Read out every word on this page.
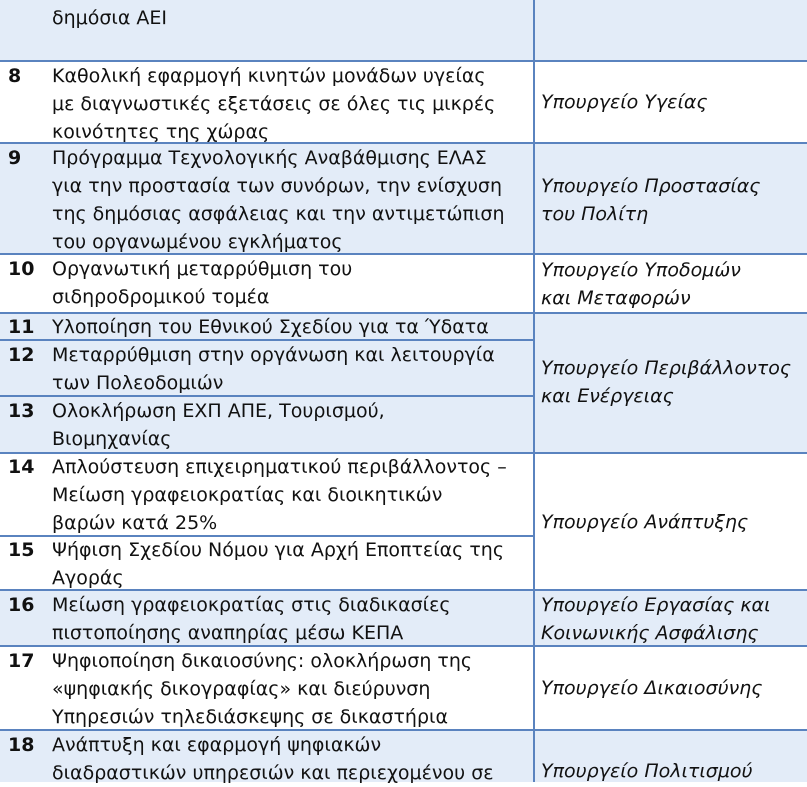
δημόσια ΑΕΙ
8	Καθολική εφαρμογή κινητών μονάδων υγείας
με διαγνωστικές εξετάσεις σε όλες τις μικρές
κοινότητες της χώρας
9	Πρόγραμμα Τεχνολογικής Αναβάθμισης ΕΛΑΣ
για την προστασία των συνόρων, την ενίσχυση
της δημόσιας ασφάλειας και την αντιμετώπιση
του οργανωμένου εγκλήματος
10 Οργανωτική μεταρρύθμιση του
σιδηροδρομικού τομέα
11 Υλοποίηση του Εθνικού Σχεδίου για τα Ύδατα
12 Μεταρρύθμιση στην οργάνωση και λειτουργία
των Πολεοδομιών
13 Ολοκλήρωση ΕΧΠ ΑΠΕ, Τουρισμού,
Βιομηχανίας
14 Απλούστευση επιχειρηματικού περιβάλλοντος –
Μείωση γραφειοκρατίας και διοικητικών
βαρών κατά 25%
15 Ψήφιση Σχεδίου Νόμου για Αρχή Εποπτείας της
Αγοράς
16 Μείωση γραφειοκρατίας στις διαδικασίες
πιστοποίησης αναπηρίας μέσω ΚΕΠΑ
17 Ψηφιοποίηση δικαιοσύνης: ολοκλήρωση της
«ψηφιακής δικογραφίας» και διεύρυνση
Υπηρεσιών τηλεδιάσκεψης σε δικαστήρια
18 Ανάπτυξη και εφαρμογή ψηφιακών
διαδραστικών υπηρεσιών και περιεχομένου σε
Υπουργείο Υγείας
Υπουργείο Προστασίας
του Πολίτη
Υπουργείο Υποδομών
και Μεταφορών
Υπουργείο Περιβάλλοντος
και Ενέργειας
Υπουργείο Ανάπτυξης
Υπουργείο Εργασίας και
Κοινωνικής Ασφάλισης
Υπουργείο Δικαιοσύνης
Υπουργείο Πολιτισμού
